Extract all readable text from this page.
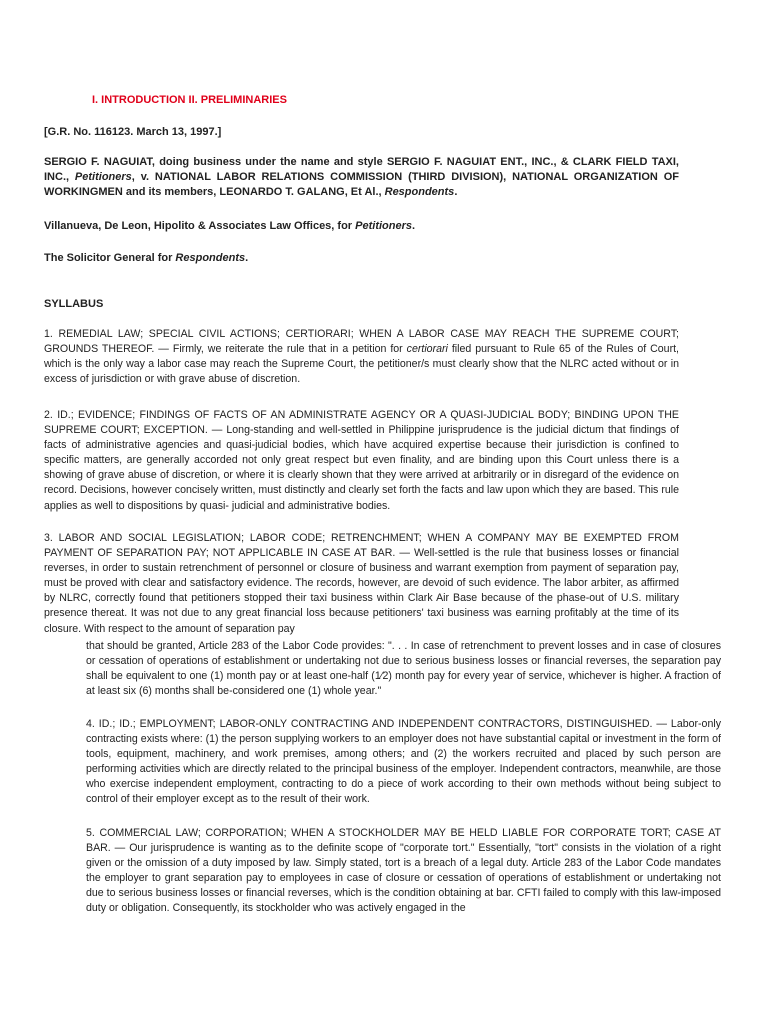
I. INTRODUCTION II. PRELIMINARIES
[G.R. No. 116123. March 13, 1997.]
SERGIO F. NAGUIAT, doing business under the name and style SERGIO F. NAGUIAT ENT., INC., & CLARK FIELD TAXI, INC., Petitioners, v. NATIONAL LABOR RELATIONS COMMISSION (THIRD DIVISION), NATIONAL ORGANIZATION OF WORKINGMEN and its members, LEONARDO T. GALANG, Et Al., Respondents.
Villanueva, De Leon, Hipolito & Associates Law Offices, for Petitioners.
The Solicitor General for Respondents.
SYLLABUS
1. REMEDIAL LAW; SPECIAL CIVIL ACTIONS; CERTIORARI; WHEN A LABOR CASE MAY REACH THE SUPREME COURT; GROUNDS THEREOF. — Firmly, we reiterate the rule that in a petition for certiorari filed pursuant to Rule 65 of the Rules of Court, which is the only way a labor case may reach the Supreme Court, the petitioner/s must clearly show that the NLRC acted without or in excess of jurisdiction or with grave abuse of discretion.
2. ID.; EVIDENCE; FINDINGS OF FACTS OF AN ADMINISTRATE AGENCY OR A QUASI-JUDICIAL BODY; BINDING UPON THE SUPREME COURT; EXCEPTION. — Long-standing and well-settled in Philippine jurisprudence is the judicial dictum that findings of facts of administrative agencies and quasi-judicial bodies, which have acquired expertise because their jurisdiction is confined to specific matters, are generally accorded not only great respect but even finality, and are binding upon this Court unless there is a showing of grave abuse of discretion, or where it is clearly shown that they were arrived at arbitrarily or in disregard of the evidence on record. Decisions, however concisely written, must distinctly and clearly set forth the facts and law upon which they are based. This rule applies as well to dispositions by quasi- judicial and administrative bodies.
3. LABOR AND SOCIAL LEGISLATION; LABOR CODE; RETRENCHMENT; WHEN A COMPANY MAY BE EXEMPTED FROM PAYMENT OF SEPARATION PAY; NOT APPLICABLE IN CASE AT BAR. — Well-settled is the rule that business losses or financial reverses, in order to sustain retrenchment of personnel or closure of business and warrant exemption from payment of separation pay, must be proved with clear and satisfactory evidence. The records, however, are devoid of such evidence. The labor arbiter, as affirmed by NLRC, correctly found that petitioners stopped their taxi business within Clark Air Base because of the phase-out of U.S. military presence thereat. It was not due to any great financial loss because petitioners' taxi business was earning profitably at the time of its closure. With respect to the amount of separation pay
that should be granted, Article 283 of the Labor Code provides: ". . . In case of retrenchment to prevent losses and in case of closures or cessation of operations of establishment or undertaking not due to serious business losses or financial reverses, the separation pay shall be equivalent to one (1) month pay or at least one-half (1⁄2) month pay for every year of service, whichever is higher. A fraction of at least six (6) months shall be-considered one (1) whole year."
4. ID.; ID.; EMPLOYMENT; LABOR-ONLY CONTRACTING AND INDEPENDENT CONTRACTORS, DISTINGUISHED. — Labor-only contracting exists where: (1) the person supplying workers to an employer does not have substantial capital or investment in the form of tools, equipment, machinery, and work premises, among others; and (2) the workers recruited and placed by such person are performing activities which are directly related to the principal business of the employer. Independent contractors, meanwhile, are those who exercise independent employment, contracting to do a piece of work according to their own methods without being subject to control of their employer except as to the result of their work.
5. COMMERCIAL LAW; CORPORATION; WHEN A STOCKHOLDER MAY BE HELD LIABLE FOR CORPORATE TORT; CASE AT BAR. — Our jurisprudence is wanting as to the definite scope of "corporate tort." Essentially, "tort" consists in the violation of a right given or the omission of a duty imposed by law. Simply stated, tort is a breach of a legal duty. Article 283 of the Labor Code mandates the employer to grant separation pay to employees in case of closure or cessation of operations of establishment or undertaking not due to serious business losses or financial reverses, which is the condition obtaining at bar. CFTI failed to comply with this law-imposed duty or obligation. Consequently, its stockholder who was actively engaged in the
